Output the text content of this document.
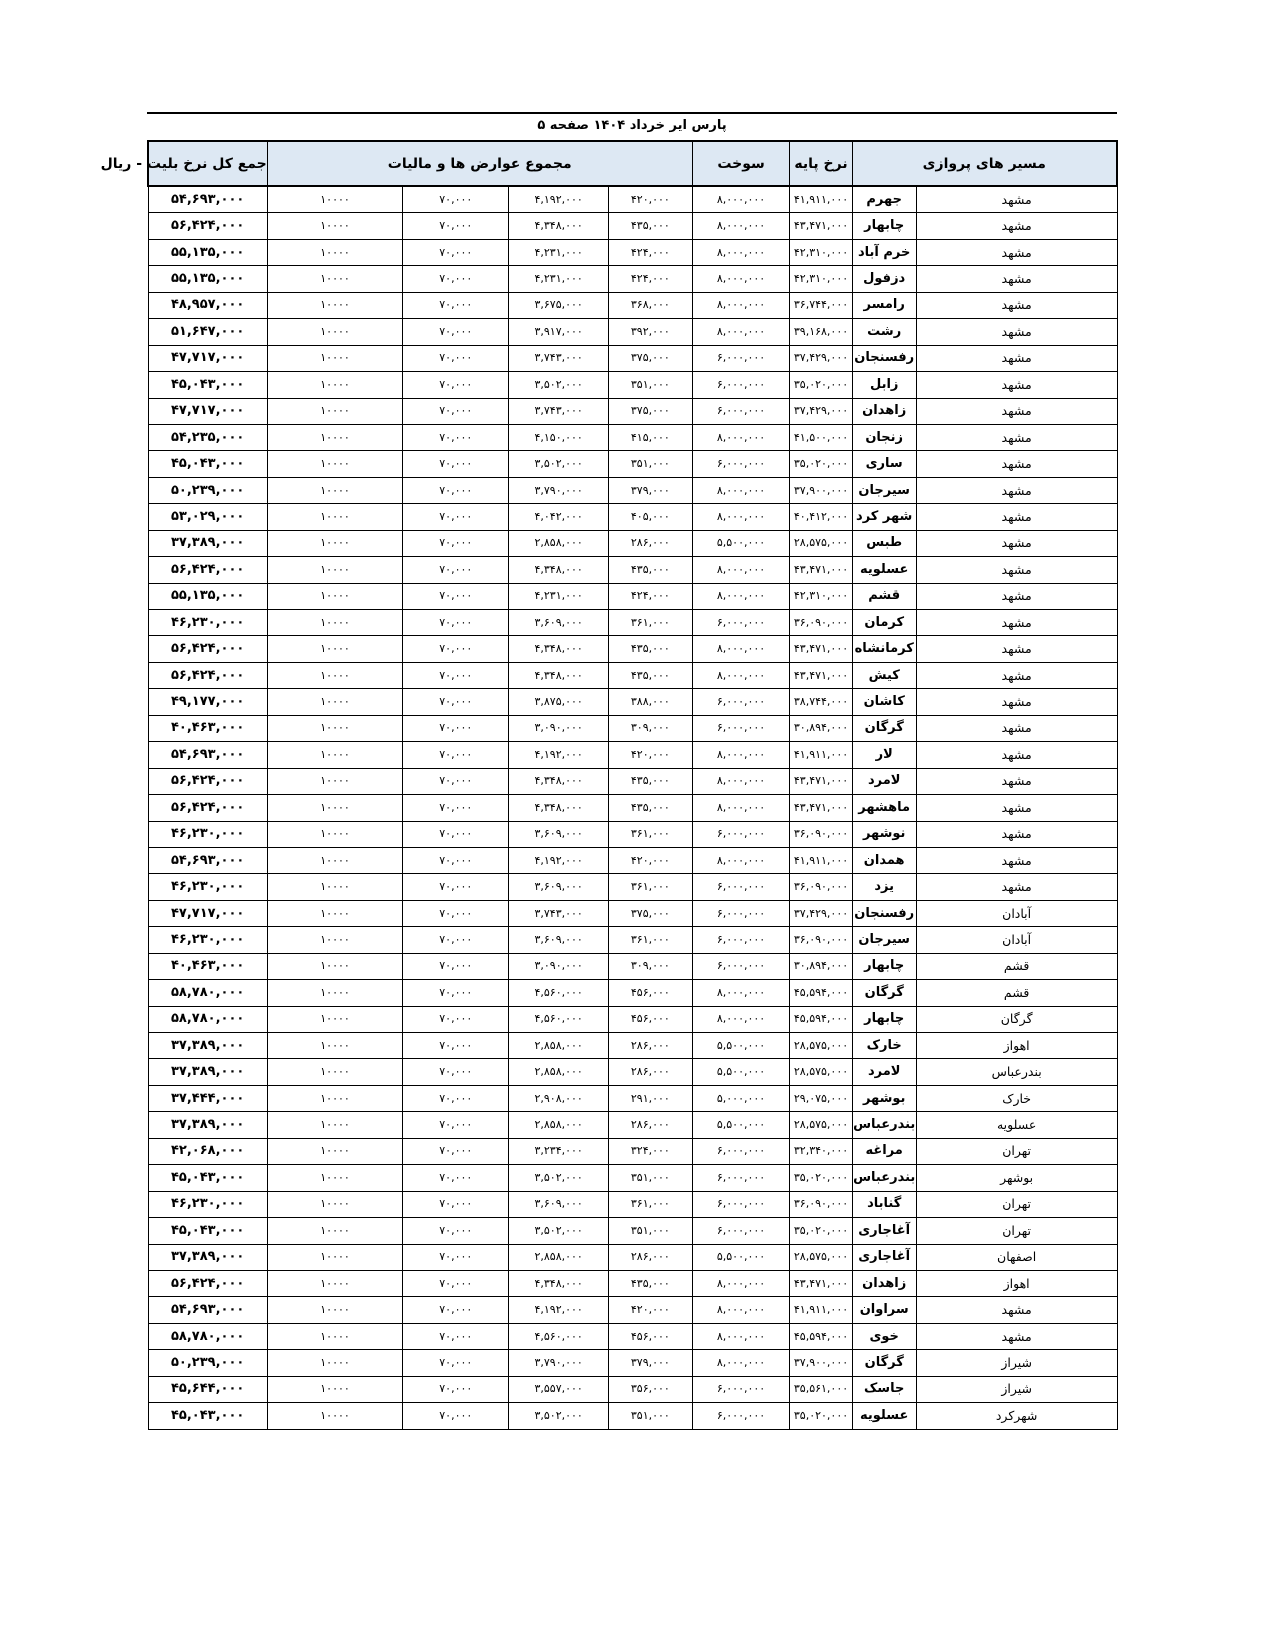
پارس ایر خرداد ۱۴۰۴ صفحه ۵
مسیر های پروازی		نرخ پایه	سوخت	مجموع عوارض ها و مالیات				جمع کل نرخ بلیت - ریال
مشهد	جهرم	۴۱,۹۱۱,۰۰۰	۸,۰۰۰,۰۰۰	۴۲۰,۰۰۰	۴,۱۹۲,۰۰۰	۷۰,۰۰۰	۱۰۰۰۰	۵۴,۶۹۳,۰۰۰
مشهد	چابهار	۴۳,۴۷۱,۰۰۰	۸,۰۰۰,۰۰۰	۴۳۵,۰۰۰	۴,۳۴۸,۰۰۰	۷۰,۰۰۰	۱۰۰۰۰	۵۶,۴۲۴,۰۰۰
مشهد	خرم آباد	۴۲,۳۱۰,۰۰۰	۸,۰۰۰,۰۰۰	۴۲۴,۰۰۰	۴,۲۳۱,۰۰۰	۷۰,۰۰۰	۱۰۰۰۰	۵۵,۱۳۵,۰۰۰
مشهد	دزفول	۴۲,۳۱۰,۰۰۰	۸,۰۰۰,۰۰۰	۴۲۴,۰۰۰	۴,۲۳۱,۰۰۰	۷۰,۰۰۰	۱۰۰۰۰	۵۵,۱۳۵,۰۰۰
مشهد	رامسر	۳۶,۷۴۴,۰۰۰	۸,۰۰۰,۰۰۰	۳۶۸,۰۰۰	۳,۶۷۵,۰۰۰	۷۰,۰۰۰	۱۰۰۰۰	۴۸,۹۵۷,۰۰۰
مشهد	رشت	۳۹,۱۶۸,۰۰۰	۸,۰۰۰,۰۰۰	۳۹۲,۰۰۰	۳,۹۱۷,۰۰۰	۷۰,۰۰۰	۱۰۰۰۰	۵۱,۶۴۷,۰۰۰
مشهد	رفسنجان	۳۷,۴۲۹,۰۰۰	۶,۰۰۰,۰۰۰	۳۷۵,۰۰۰	۳,۷۴۳,۰۰۰	۷۰,۰۰۰	۱۰۰۰۰	۴۷,۷۱۷,۰۰۰
مشهد	زابل	۳۵,۰۲۰,۰۰۰	۶,۰۰۰,۰۰۰	۳۵۱,۰۰۰	۳,۵۰۲,۰۰۰	۷۰,۰۰۰	۱۰۰۰۰	۴۵,۰۴۳,۰۰۰
مشهد	زاهدان	۳۷,۴۲۹,۰۰۰	۶,۰۰۰,۰۰۰	۳۷۵,۰۰۰	۳,۷۴۳,۰۰۰	۷۰,۰۰۰	۱۰۰۰۰	۴۷,۷۱۷,۰۰۰
مشهد	زنجان	۴۱,۵۰۰,۰۰۰	۸,۰۰۰,۰۰۰	۴۱۵,۰۰۰	۴,۱۵۰,۰۰۰	۷۰,۰۰۰	۱۰۰۰۰	۵۴,۲۳۵,۰۰۰
مشهد	ساری	۳۵,۰۲۰,۰۰۰	۶,۰۰۰,۰۰۰	۳۵۱,۰۰۰	۳,۵۰۲,۰۰۰	۷۰,۰۰۰	۱۰۰۰۰	۴۵,۰۴۳,۰۰۰
مشهد	سیرجان	۳۷,۹۰۰,۰۰۰	۸,۰۰۰,۰۰۰	۳۷۹,۰۰۰	۳,۷۹۰,۰۰۰	۷۰,۰۰۰	۱۰۰۰۰	۵۰,۲۳۹,۰۰۰
مشهد	شهر کرد	۴۰,۴۱۲,۰۰۰	۸,۰۰۰,۰۰۰	۴۰۵,۰۰۰	۴,۰۴۲,۰۰۰	۷۰,۰۰۰	۱۰۰۰۰	۵۳,۰۲۹,۰۰۰
مشهد	طبس	۲۸,۵۷۵,۰۰۰	۵,۵۰۰,۰۰۰	۲۸۶,۰۰۰	۲,۸۵۸,۰۰۰	۷۰,۰۰۰	۱۰۰۰۰	۳۷,۳۸۹,۰۰۰
مشهد	عسلویه	۴۳,۴۷۱,۰۰۰	۸,۰۰۰,۰۰۰	۴۳۵,۰۰۰	۴,۳۴۸,۰۰۰	۷۰,۰۰۰	۱۰۰۰۰	۵۶,۴۲۴,۰۰۰
مشهد	قشم	۴۲,۳۱۰,۰۰۰	۸,۰۰۰,۰۰۰	۴۲۴,۰۰۰	۴,۲۳۱,۰۰۰	۷۰,۰۰۰	۱۰۰۰۰	۵۵,۱۳۵,۰۰۰
مشهد	کرمان	۳۶,۰۹۰,۰۰۰	۶,۰۰۰,۰۰۰	۳۶۱,۰۰۰	۳,۶۰۹,۰۰۰	۷۰,۰۰۰	۱۰۰۰۰	۴۶,۲۳۰,۰۰۰
مشهد	کرمانشاه	۴۳,۴۷۱,۰۰۰	۸,۰۰۰,۰۰۰	۴۳۵,۰۰۰	۴,۳۴۸,۰۰۰	۷۰,۰۰۰	۱۰۰۰۰	۵۶,۴۲۴,۰۰۰
مشهد	کیش	۴۳,۴۷۱,۰۰۰	۸,۰۰۰,۰۰۰	۴۳۵,۰۰۰	۴,۳۴۸,۰۰۰	۷۰,۰۰۰	۱۰۰۰۰	۵۶,۴۲۴,۰۰۰
مشهد	کاشان	۳۸,۷۴۴,۰۰۰	۶,۰۰۰,۰۰۰	۳۸۸,۰۰۰	۳,۸۷۵,۰۰۰	۷۰,۰۰۰	۱۰۰۰۰	۴۹,۱۷۷,۰۰۰
مشهد	گرگان	۳۰,۸۹۴,۰۰۰	۶,۰۰۰,۰۰۰	۳۰۹,۰۰۰	۳,۰۹۰,۰۰۰	۷۰,۰۰۰	۱۰۰۰۰	۴۰,۴۶۳,۰۰۰
مشهد	لار	۴۱,۹۱۱,۰۰۰	۸,۰۰۰,۰۰۰	۴۲۰,۰۰۰	۴,۱۹۲,۰۰۰	۷۰,۰۰۰	۱۰۰۰۰	۵۴,۶۹۳,۰۰۰
مشهد	لامرد	۴۳,۴۷۱,۰۰۰	۸,۰۰۰,۰۰۰	۴۳۵,۰۰۰	۴,۳۴۸,۰۰۰	۷۰,۰۰۰	۱۰۰۰۰	۵۶,۴۲۴,۰۰۰
مشهد	ماهشهر	۴۳,۴۷۱,۰۰۰	۸,۰۰۰,۰۰۰	۴۳۵,۰۰۰	۴,۳۴۸,۰۰۰	۷۰,۰۰۰	۱۰۰۰۰	۵۶,۴۲۴,۰۰۰
مشهد	نوشهر	۳۶,۰۹۰,۰۰۰	۶,۰۰۰,۰۰۰	۳۶۱,۰۰۰	۳,۶۰۹,۰۰۰	۷۰,۰۰۰	۱۰۰۰۰	۴۶,۲۳۰,۰۰۰
مشهد	همدان	۴۱,۹۱۱,۰۰۰	۸,۰۰۰,۰۰۰	۴۲۰,۰۰۰	۴,۱۹۲,۰۰۰	۷۰,۰۰۰	۱۰۰۰۰	۵۴,۶۹۳,۰۰۰
مشهد	یزد	۳۶,۰۹۰,۰۰۰	۶,۰۰۰,۰۰۰	۳۶۱,۰۰۰	۳,۶۰۹,۰۰۰	۷۰,۰۰۰	۱۰۰۰۰	۴۶,۲۳۰,۰۰۰
آبادان	رفسنجان	۳۷,۴۲۹,۰۰۰	۶,۰۰۰,۰۰۰	۳۷۵,۰۰۰	۳,۷۴۳,۰۰۰	۷۰,۰۰۰	۱۰۰۰۰	۴۷,۷۱۷,۰۰۰
آبادان	سیرجان	۳۶,۰۹۰,۰۰۰	۶,۰۰۰,۰۰۰	۳۶۱,۰۰۰	۳,۶۰۹,۰۰۰	۷۰,۰۰۰	۱۰۰۰۰	۴۶,۲۳۰,۰۰۰
قشم	چابهار	۳۰,۸۹۴,۰۰۰	۶,۰۰۰,۰۰۰	۳۰۹,۰۰۰	۳,۰۹۰,۰۰۰	۷۰,۰۰۰	۱۰۰۰۰	۴۰,۴۶۳,۰۰۰
قشم	گرگان	۴۵,۵۹۴,۰۰۰	۸,۰۰۰,۰۰۰	۴۵۶,۰۰۰	۴,۵۶۰,۰۰۰	۷۰,۰۰۰	۱۰۰۰۰	۵۸,۷۸۰,۰۰۰
گرگان	چابهار	۴۵,۵۹۴,۰۰۰	۸,۰۰۰,۰۰۰	۴۵۶,۰۰۰	۴,۵۶۰,۰۰۰	۷۰,۰۰۰	۱۰۰۰۰	۵۸,۷۸۰,۰۰۰
اهواز	خارک	۲۸,۵۷۵,۰۰۰	۵,۵۰۰,۰۰۰	۲۸۶,۰۰۰	۲,۸۵۸,۰۰۰	۷۰,۰۰۰	۱۰۰۰۰	۳۷,۳۸۹,۰۰۰
بندرعباس	لامرد	۲۸,۵۷۵,۰۰۰	۵,۵۰۰,۰۰۰	۲۸۶,۰۰۰	۲,۸۵۸,۰۰۰	۷۰,۰۰۰	۱۰۰۰۰	۳۷,۳۸۹,۰۰۰
خارک	بوشهر	۲۹,۰۷۵,۰۰۰	۵,۰۰۰,۰۰۰	۲۹۱,۰۰۰	۲,۹۰۸,۰۰۰	۷۰,۰۰۰	۱۰۰۰۰	۳۷,۴۴۴,۰۰۰
عسلویه	بندرعباس	۲۸,۵۷۵,۰۰۰	۵,۵۰۰,۰۰۰	۲۸۶,۰۰۰	۲,۸۵۸,۰۰۰	۷۰,۰۰۰	۱۰۰۰۰	۳۷,۳۸۹,۰۰۰
تهران	مراغه	۳۲,۳۴۰,۰۰۰	۶,۰۰۰,۰۰۰	۳۲۴,۰۰۰	۳,۲۳۴,۰۰۰	۷۰,۰۰۰	۱۰۰۰۰	۴۲,۰۶۸,۰۰۰
بوشهر	بندرعباس	۳۵,۰۲۰,۰۰۰	۶,۰۰۰,۰۰۰	۳۵۱,۰۰۰	۳,۵۰۲,۰۰۰	۷۰,۰۰۰	۱۰۰۰۰	۴۵,۰۴۳,۰۰۰
تهران	گناباد	۳۶,۰۹۰,۰۰۰	۶,۰۰۰,۰۰۰	۳۶۱,۰۰۰	۳,۶۰۹,۰۰۰	۷۰,۰۰۰	۱۰۰۰۰	۴۶,۲۳۰,۰۰۰
تهران	آغاجاری	۳۵,۰۲۰,۰۰۰	۶,۰۰۰,۰۰۰	۳۵۱,۰۰۰	۳,۵۰۲,۰۰۰	۷۰,۰۰۰	۱۰۰۰۰	۴۵,۰۴۳,۰۰۰
اصفهان	آغاجاری	۲۸,۵۷۵,۰۰۰	۵,۵۰۰,۰۰۰	۲۸۶,۰۰۰	۲,۸۵۸,۰۰۰	۷۰,۰۰۰	۱۰۰۰۰	۳۷,۳۸۹,۰۰۰
اهواز	زاهدان	۴۳,۴۷۱,۰۰۰	۸,۰۰۰,۰۰۰	۴۳۵,۰۰۰	۴,۳۴۸,۰۰۰	۷۰,۰۰۰	۱۰۰۰۰	۵۶,۴۲۴,۰۰۰
مشهد	سراوان	۴۱,۹۱۱,۰۰۰	۸,۰۰۰,۰۰۰	۴۲۰,۰۰۰	۴,۱۹۲,۰۰۰	۷۰,۰۰۰	۱۰۰۰۰	۵۴,۶۹۳,۰۰۰
مشهد	خوی	۴۵,۵۹۴,۰۰۰	۸,۰۰۰,۰۰۰	۴۵۶,۰۰۰	۴,۵۶۰,۰۰۰	۷۰,۰۰۰	۱۰۰۰۰	۵۸,۷۸۰,۰۰۰
شیراز	گرگان	۳۷,۹۰۰,۰۰۰	۸,۰۰۰,۰۰۰	۳۷۹,۰۰۰	۳,۷۹۰,۰۰۰	۷۰,۰۰۰	۱۰۰۰۰	۵۰,۲۳۹,۰۰۰
شیراز	جاسک	۳۵,۵۶۱,۰۰۰	۶,۰۰۰,۰۰۰	۳۵۶,۰۰۰	۳,۵۵۷,۰۰۰	۷۰,۰۰۰	۱۰۰۰۰	۴۵,۶۴۴,۰۰۰
شهرکرد	عسلویه	۳۵,۰۲۰,۰۰۰	۶,۰۰۰,۰۰۰	۳۵۱,۰۰۰	۳,۵۰۲,۰۰۰	۷۰,۰۰۰	۱۰۰۰۰	۴۵,۰۴۳,۰۰۰
